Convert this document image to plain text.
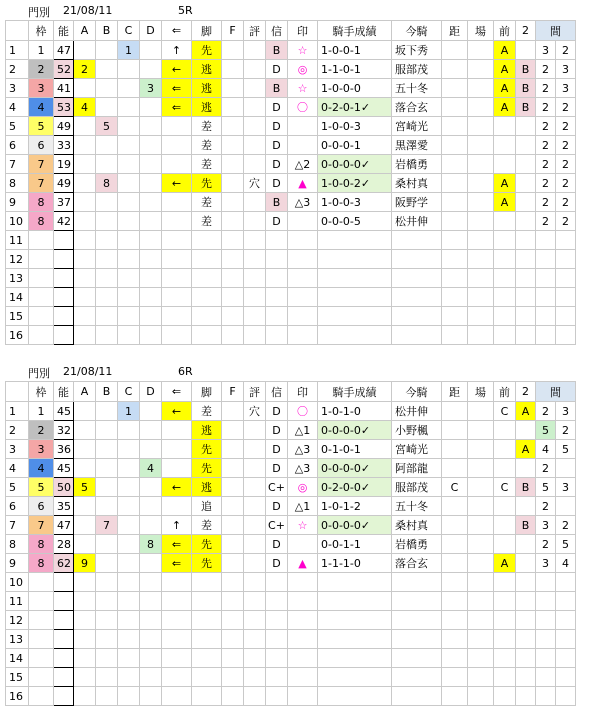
門別 21/08/11	5R
	枠	能	A	B	C	D	⇐	脚	F	評	信	印	騎手成績	今騎	距	場	前	2	間	
1	1	47			1		↑	先			B	☆	1-0-0-1	坂下秀			A		3	2
2	2	52	2				←	逃			D	◎	1-1-0-1	服部茂			A	B	2	3
3	3	41				3	⇐	逃			B	☆	1-0-0-0	五十冬			A	B	2	3
4	4	53	4				⇐	逃			D	〇	0-2-0-1✓	落合玄			A	B	2	2
5	5	49		5				差			D		1-0-0-3	宮崎光					2	2
6	6	33						差			D		0-0-0-1	黒澤愛					2	2
7	7	19						差			D	△2	0-0-0-0✓	岩橋勇					2	2
8	7	49		8			←	先		穴	D	▲	1-0-0-2✓	桑村真			A		2	2
9	8	37						差			B	△3	1-0-0-3	阪野学			A		2	2
10	8	42						差			D		0-0-0-5	松井伸					2	2
11																				
12																				
13																				
14																				
15																				
16																				
門別 21/08/11	6R
	枠	能	A	B	C	D	⇐	脚	F	評	信	印	騎手成績	今騎	距	場	前	2	間	
1	1	45			1		←	差		穴	D	〇	1-0-1-0	松井伸			C	A	2	3
2	2	32						逃			D	△1	0-0-0-0✓	小野楓					5	2
3	3	36						先			D	△3	0-1-0-1	宮崎光				A	4	5
4	4	45				4		先			D	△3	0-0-0-0✓	阿部龍					2	
5	5	50	5				←	逃			C+	◎	0-2-0-0✓	服部茂	C		C	B	5	3
6	6	35						追			D	△1	1-0-1-2	五十冬					2	
7	7	47		7			↑	差			C+	☆	0-0-0-0✓	桑村真				B	3	2
8	8	28				8	⇐	先			D		0-0-1-1	岩橋勇					2	5
9	8	62	9				⇐	先			D	▲	1-1-1-0	落合玄			A		3	4
10																				
11																				
12																				
13																				
14																				
15																				
16																				
